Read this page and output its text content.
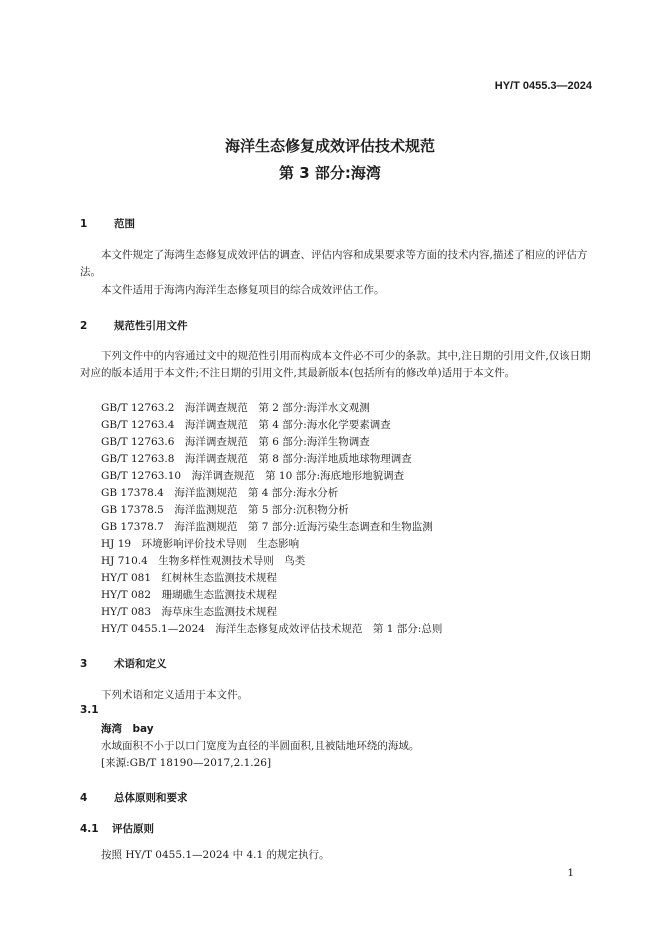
HY/T 0455.3—2024
海洋生态修复成效评估技术规范
第 3 部分:海湾
1	范围
本文件规定了海湾生态修复成效评估的调查、评估内容和成果要求等方面的技术内容,描述了相应的评估方法。
本文件适用于海湾内海洋生态修复项目的综合成效评估工作。
2	规范性引用文件
下列文件中的内容通过文中的规范性引用而构成本文件必不可少的条款。其中,注日期的引用文件,仅该日期对应的版本适用于本文件;不注日期的引用文件,其最新版本(包括所有的修改单)适用于本文件。
GB/T 12763.2　海洋调查规范　第 2 部分:海洋水文观测
GB/T 12763.4　海洋调查规范　第 4 部分:海水化学要素调查
GB/T 12763.6　海洋调查规范　第 6 部分:海洋生物调查
GB/T 12763.8　海洋调查规范　第 8 部分:海洋地质地球物理调查
GB/T 12763.10　海洋调查规范　第 10 部分:海底地形地貌调查
GB 17378.4　海洋监测规范　第 4 部分:海水分析
GB 17378.5　海洋监测规范　第 5 部分:沉积物分析
GB 17378.7　海洋监测规范　第 7 部分:近海污染生态调查和生物监测
HJ 19　环境影响评价技术导则　生态影响
HJ 710.4　生物多样性观测技术导则　鸟类
HY/T 081　红树林生态监测技术规程
HY/T 082　珊瑚礁生态监测技术规程
HY/T 083　海草床生态监测技术规程
HY/T 0455.1—2024　海洋生态修复成效评估技术规范　第 1 部分:总则
3	术语和定义
下列术语和定义适用于本文件。
3.1
海湾　bay
水域面积不小于以口门宽度为直径的半圆面积,且被陆地环绕的海域。
[来源:GB/T 18190—2017,2.1.26]
4	总体原则和要求
4.1 评估原则
按照 HY/T 0455.1—2024 中 4.1 的规定执行。
1
